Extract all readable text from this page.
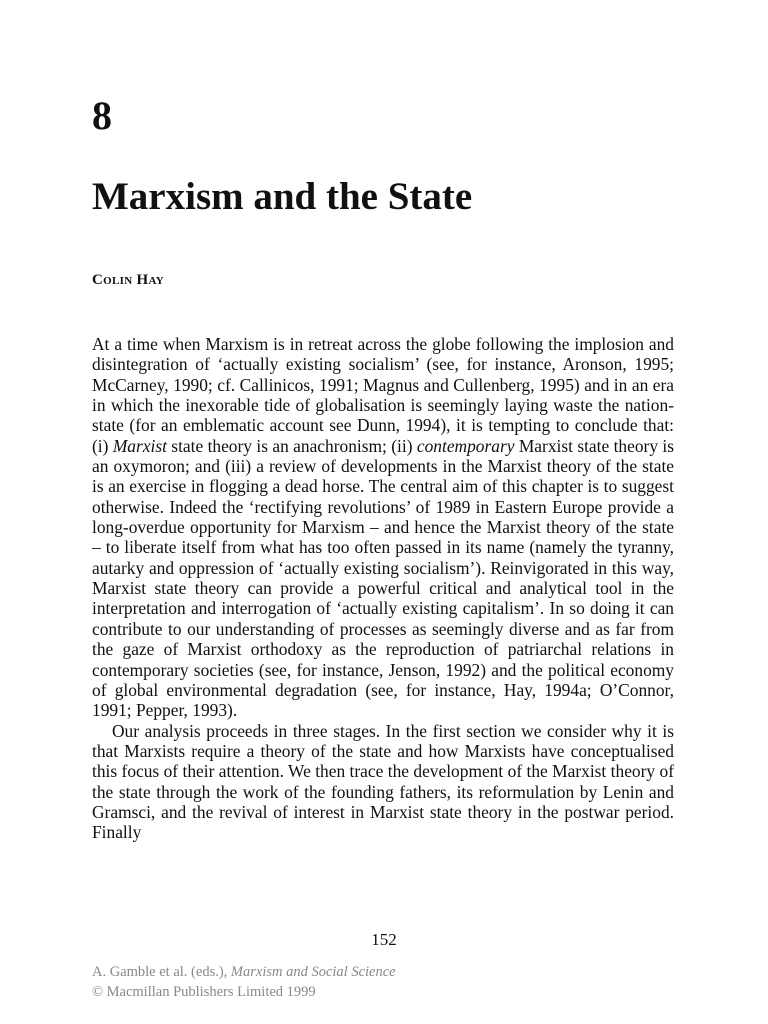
8
Marxism and the State
Colin Hay

At a time when Marxism is in retreat across the globe following the implosion and disintegration of ‘actually existing socialism’ (see, for instance, Aronson, 1995; McCarney, 1990; cf. Callinicos, 1991; Magnus and Cullenberg, 1995) and in an era in which the inexorable tide of globalisation is seemingly laying waste the nation-state (for an emblematic account see Dunn, 1994), it is tempting to conclude that: (i) Marxist state theory is an anachronism; (ii) contemporary Marxist state theory is an oxymoron; and (iii) a review of developments in the Marxist theory of the state is an exercise in flogging a dead horse. The central aim of this chapter is to suggest otherwise. Indeed the ‘rectifying revolutions’ of 1989 in Eastern Europe provide a long-overdue opportunity for Marxism – and hence the Marxist theory of the state – to liberate itself from what has too often passed in its name (namely the tyranny, autarky and oppression of ‘actually existing socialism’). Reinvigorated in this way, Marxist state theory can provide a powerful critical and analytical tool in the interpretation and interrogation of ‘actually existing capitalism’. In so doing it can contribute to our understanding of processes as seemingly diverse and as far from the gaze of Marxist orthodoxy as the reproduction of patriarchal relations in contemporary societies (see, for instance, Jenson, 1992) and the political economy of global environmental degradation (see, for instance, Hay, 1994a; O’Connor, 1991; Pepper, 1993).

Our analysis proceeds in three stages. In the first section we consider why it is that Marxists require a theory of the state and how Marxists have conceptualised this focus of their attention. We then trace the development of the Marxist theory of the state through the work of the founding fathers, its reformulation by Lenin and Gramsci, and the revival of interest in Marxist state theory in the postwar period. Finally

152
A. Gamble et al. (eds.), Marxism and Social Science
© Macmillan Publishers Limited 1999
